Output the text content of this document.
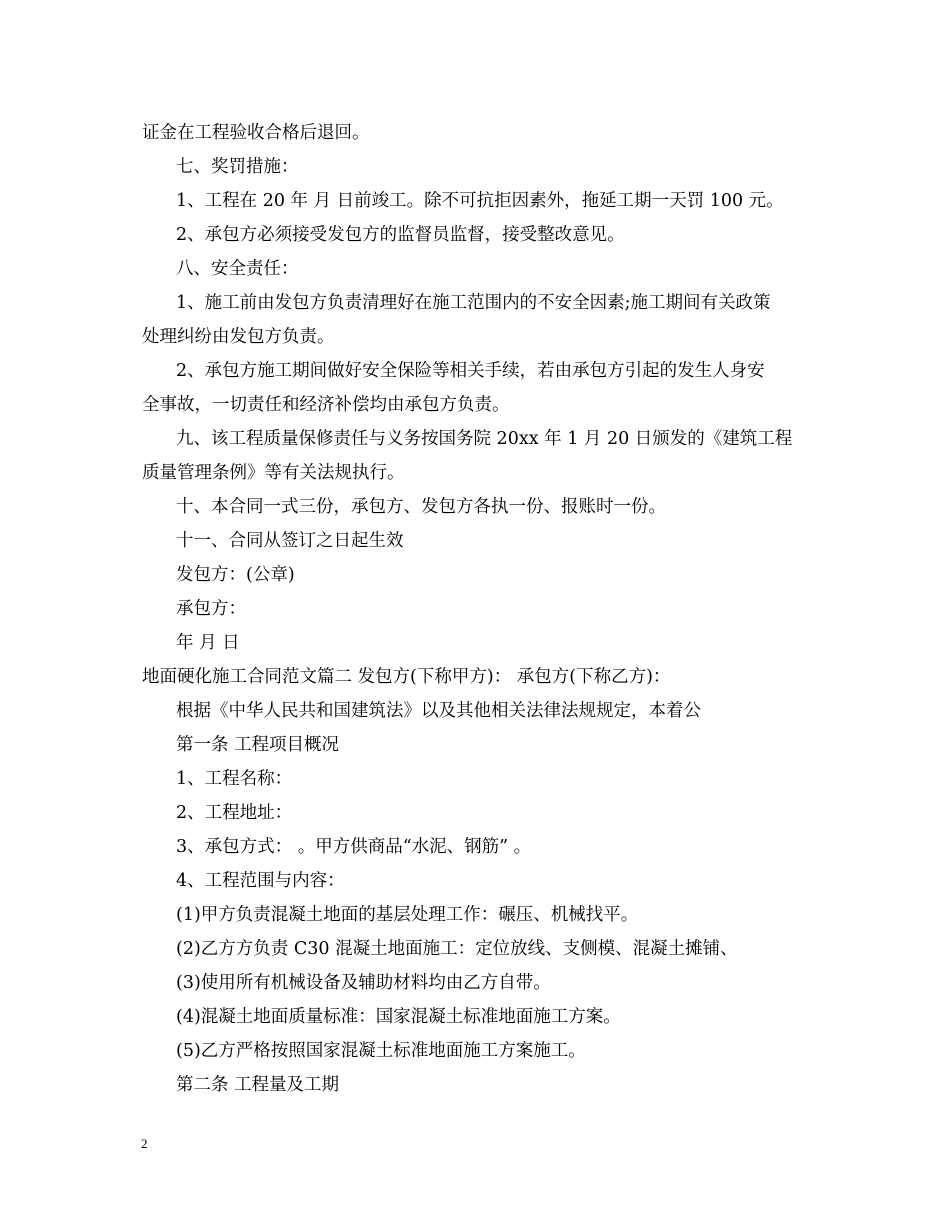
证金在工程验收合格后退回。
七、奖罚措施：
1、工程在 20 年 月 日前竣工。除不可抗拒因素外，拖延工期一天罚 100 元。
2、承包方必须接受发包方的监督员监督，接受整改意见。
八、安全责任：
1、施工前由发包方负责清理好在施工范围内的不安全因素;施工期间有关政策
处理纠纷由发包方负责。
2、承包方施工期间做好安全保险等相关手续，若由承包方引起的发生人身安
全事故，一切责任和经济补偿均由承包方负责。
九、该工程质量保修责任与义务按国务院 20xx 年 1 月 20 日颁发的《建筑工程
质量管理条例》等有关法规执行。
十、本合同一式三份，承包方、发包方各执一份、报账时一份。
十一、合同从签订之日起生效
发包方：(公章)
承包方：
年 月 日
地面硬化施工合同范文篇二 发包方(下称甲方)： 承包方(下称乙方)：
根据《中华人民共和国建筑法》以及其他相关法律法规规定，本着公
第一条 工程项目概况
1、工程名称：
2、工程地址：
3、承包方式： 。甲方供商品“水泥、钢筋” 。
4、工程范围与内容：
(1)甲方负责混凝土地面的基层处理工作：碾压、机械找平。
(2)乙方方负责 C30 混凝土地面施工：定位放线、支侧模、混凝土摊铺、
(3)使用所有机械设备及辅助材料均由乙方自带。
(4)混凝土地面质量标准：国家混凝土标准地面施工方案。
(5)乙方严格按照国家混凝土标准地面施工方案施工。
第二条 工程量及工期
2
